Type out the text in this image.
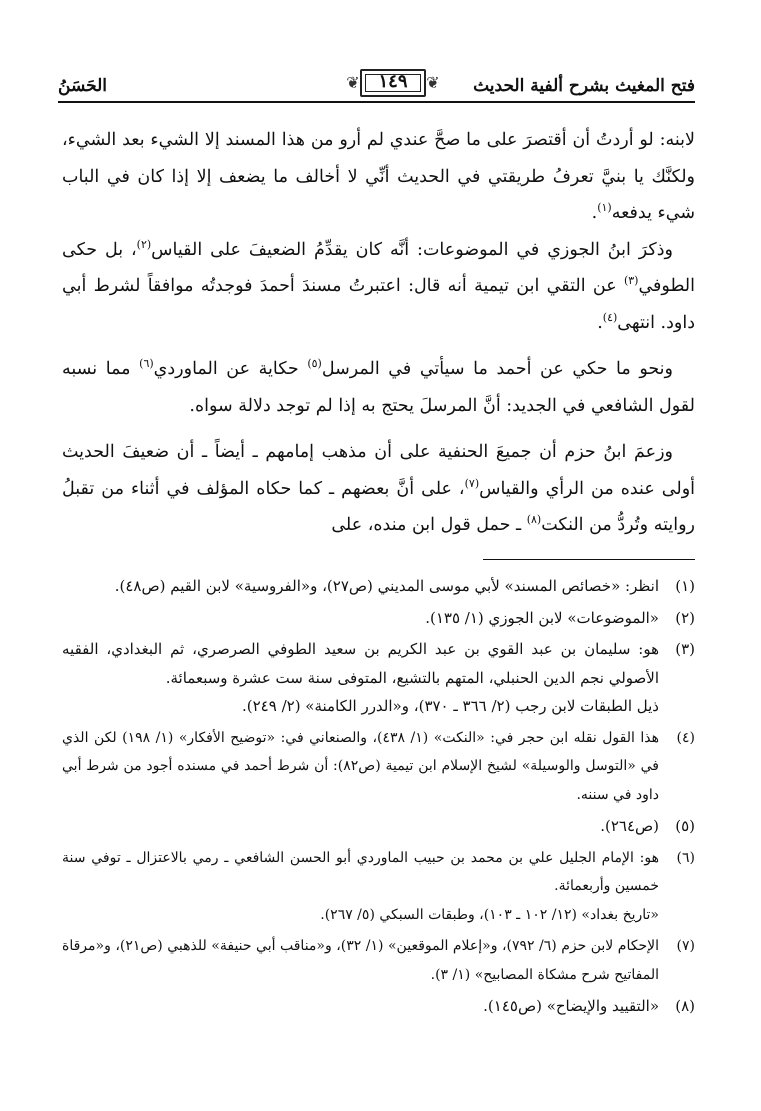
فتح المغيث بشرح ألفية الحديث
❦
١٤٩
❦
الحَسَنُ

لابنه: لو أردتُ أن أقتصرَ على ما صحَّ عندي لم أرو من هذا المسند إلا الشيء بعد الشيء، ولكنَّك يا بنيَّ تعرفُ طريقتي في الحديث أنِّي لا أخالف ما يضعف إلا إذا كان في الباب شيء يدفعه$^{(١)}$.

وذكرَ ابنُ الجوزي في الموضوعات: أنَّه كان يقدِّمُ الضعيفَ على القياس$^{(٢)}$، بل حكى الطوفي$^{(٣)}$ عن التقي ابن تيمية أنه قال: اعتبرتُ مسندَ أحمدَ فوجدتُه موافقاً لشرط أبي داود. انتهى$^{(٤)}$.

ونحو ما حكي عن أحمد ما سيأتي في المرسل$^{(٥)}$ حكاية عن الماوردي$^{(٦)}$ مما نسبه لقول الشافعي في الجديد: أنَّ المرسلَ يحتج به إذا لم توجد دلالة سواه.

وزعمَ ابنُ حزم أن جميعَ الحنفية على أن مذهب إمامهم ـ أيضاً ـ أن ضعيفَ الحديث أولى عنده من الرأي والقياس$^{(٧)}$، على أنَّ بعضهم ـ كما حكاه المؤلف في أثناء من تقبلُ روايته وتُردُّ من النكت$^{(٨)}$ ـ حمل قول ابن منده، على

(١)
انظر: «خصائص المسند» لأبي موسى المديني (ص٢٧)، و«الفروسية» لابن القيم (ص٤٨).
(٢)
«الموضوعات» لابن الجوزي (١/ ١٣٥).
(٣)
هو: سليمان بن عبد القوي بن عبد الكريم بن سعيد الطوفي الصرصري، ثم البغدادي، الفقيه الأصولي نجم الدين الحنبلي، المتهم بالتشيع، المتوفى سنة ست عشرة وسبعمائة.
ذيل الطبقات لابن رجب (٢/ ٣٦٦ ـ ٣٧٠)، و«الدرر الكامنة» (٢/ ٢٤٩).
(٤)
هذا القول نقله ابن حجر في: «النكت» (١/ ٤٣٨)، والصنعاني في: «توضيح الأفكار» (١/ ١٩٨) لكن الذي في «التوسل والوسيلة» لشيخ الإسلام ابن تيمية (ص٨٢): أن شرط أحمد في مسنده أجود من شرط أبي داود في سننه.
(٥)
(ص٢٦٤).
(٦)
هو: الإمام الجليل علي بن محمد بن حبيب الماوردي أبو الحسن الشافعي ـ رمي بالاعتزال ـ توفي سنة خمسين وأربعمائة.
«تاريخ بغداد» (١٢/ ١٠٢ ـ ١٠٣)، وطبقات السبكي (٥/ ٢٦٧).
(٧)
الإحكام لابن حزم (٦/ ٧٩٢)، و«إعلام الموقعين» (١/ ٣٢)، و«مناقب أبي حنيفة» للذهبي (ص٢١)، و«مرقاة المفاتيح شرح مشكاة المصابيح» (١/ ٣).
(٨)
«التقييد والإيضاح» (ص١٤٥).
